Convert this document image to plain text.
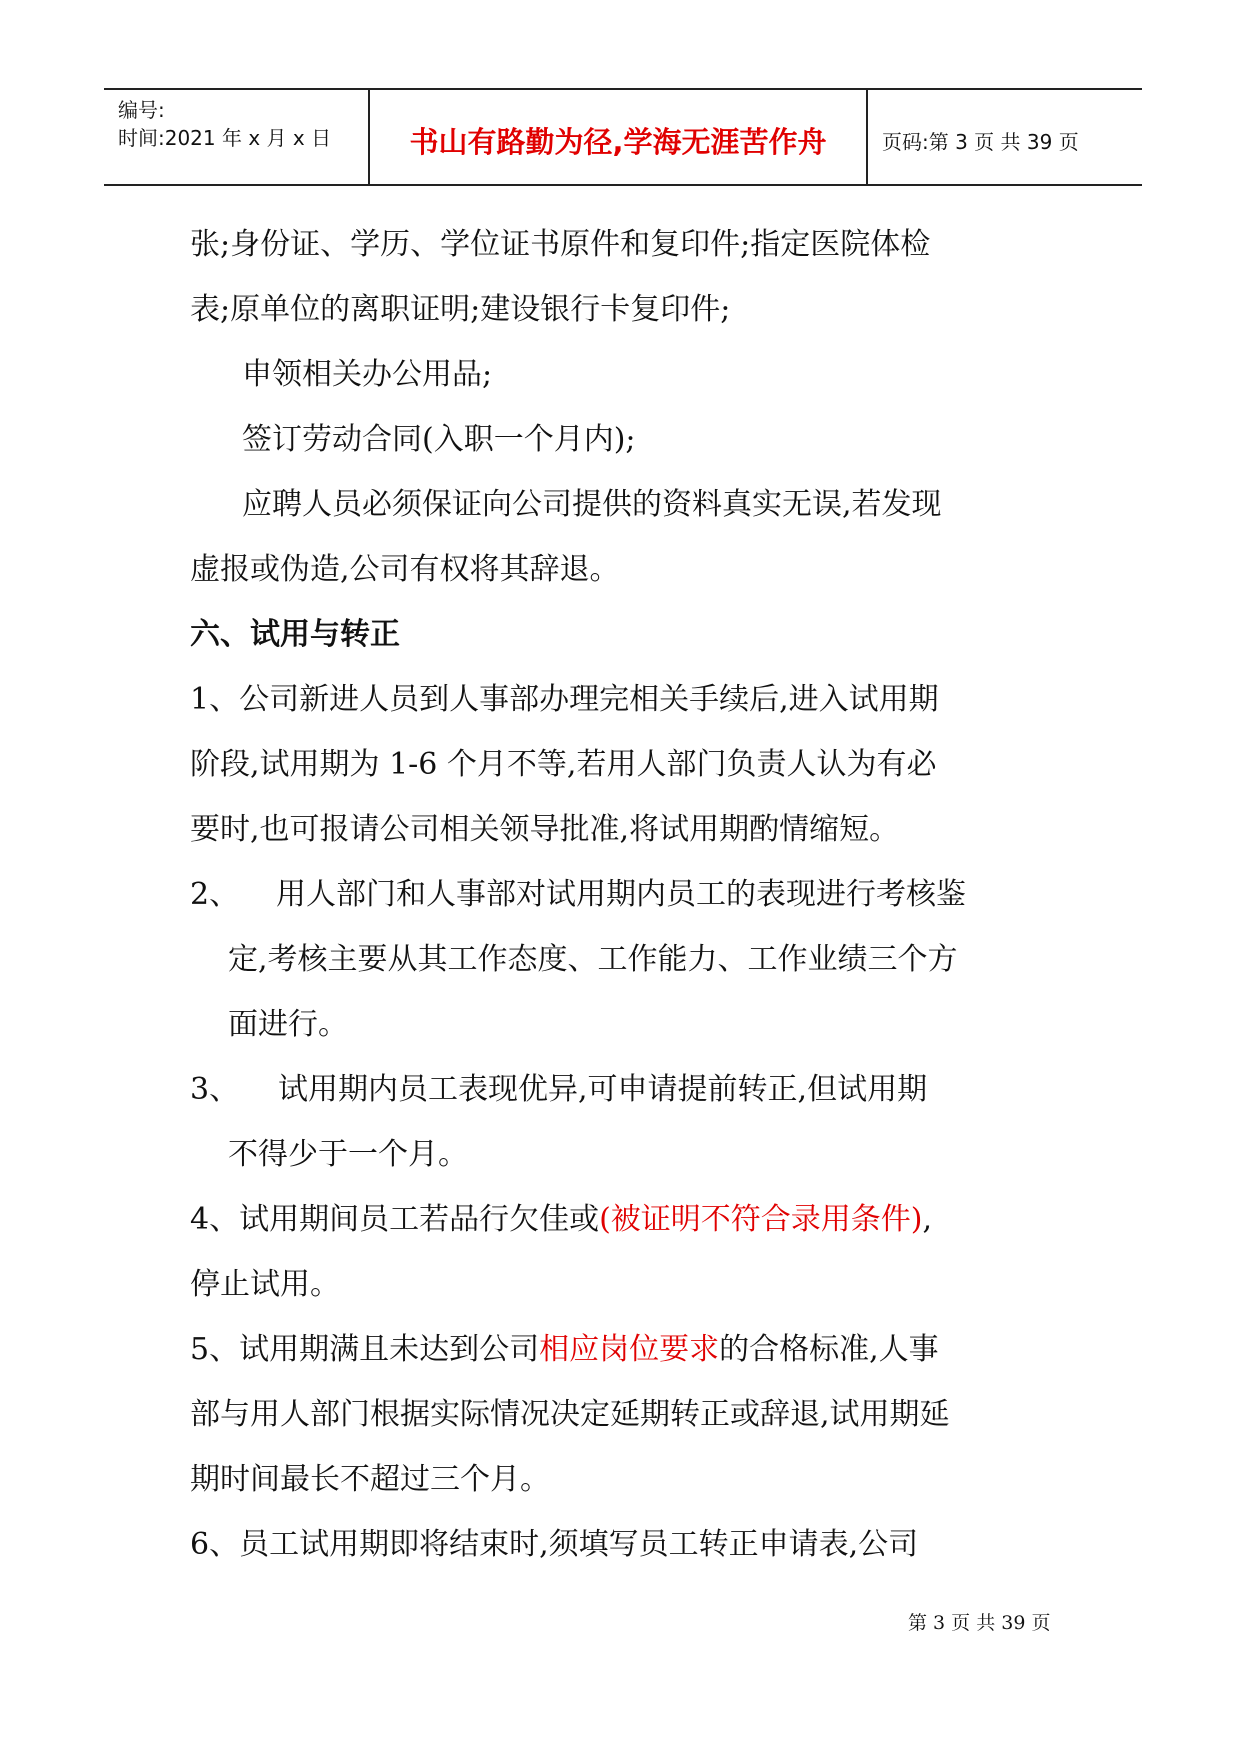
编号:
时间:2021 年 x 月 x 日	书山有路勤为径,学海无涯苦作舟	页码:第 3 页 共 39 页
张;身份证、学历、学位证书原件和复印件;指定医院体检
表;原单位的离职证明;建设银行卡复印件;
申领相关办公用品;
签订劳动合同(入职一个月内);
应聘人员必须保证向公司提供的资料真实无误,若发现
虚报或伪造,公司有权将其辞退。
六、试用与转正
1、公司新进人员到人事部办理完相关手续后,进入试用期
阶段,试用期为 1-6 个月不等,若用人部门负责人认为有必
要时,也可报请公司相关领导批准,将试用期酌情缩短。
2、 用人部门和人事部对试用期内员工的表现进行考核鉴
定,考核主要从其工作态度、工作能力、工作业绩三个方
面进行。
3、 试用期内员工表现优异,可申请提前转正,但试用期
不得少于一个月。
4、试用期间员工若品行欠佳或(被证明不符合录用条件),
停止试用。
5、试用期满且未达到公司相应岗位要求的合格标准,人事
部与用人部门根据实际情况决定延期转正或辞退,试用期延
期时间最长不超过三个月。
6、员工试用期即将结束时,须填写员工转正申请表,公司
第 3 页 共 39 页
